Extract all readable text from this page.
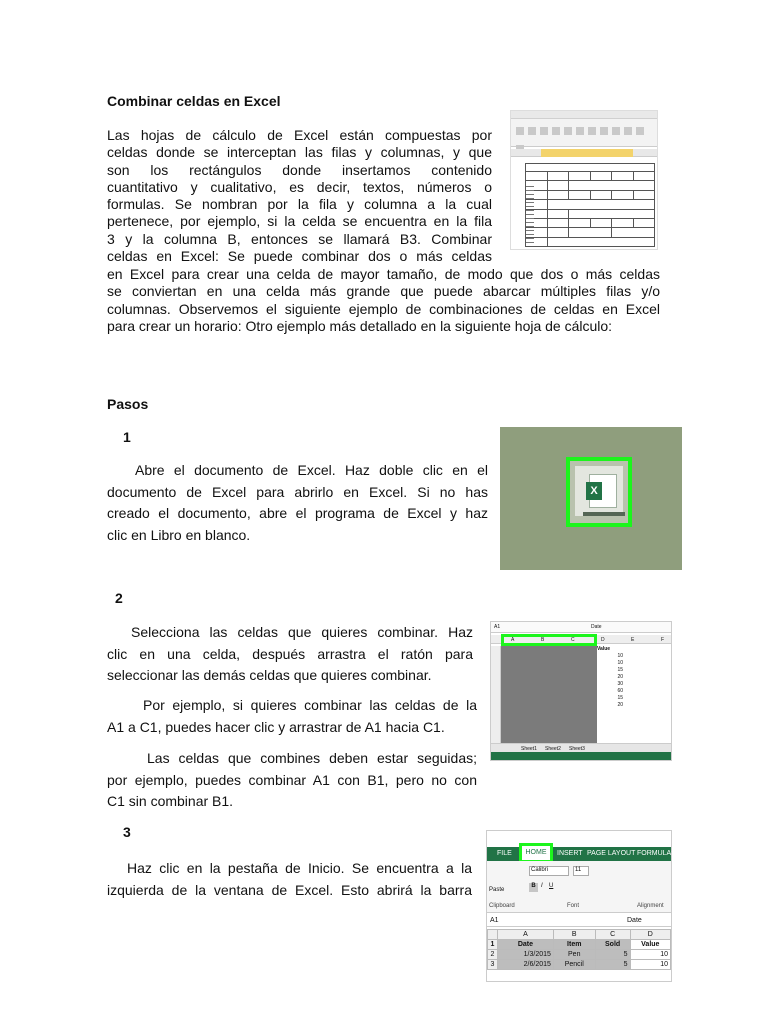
Combinar celdas en Excel
Las hojas de cálculo de Excel están compuestas por
celdas donde se interceptan las filas y columnas, y que
son los rectángulos donde insertamos contenido
cuantitativo y cualitativo, es decir, textos, números o
formulas. Se nombran por la fila y columna a la cual
pertenece, por ejemplo, si la celda se encuentra en la fila
3 y la columna B, entonces se llamará B3. Combinar
celdas en Excel: Se puede combinar dos o más celdas
en Excel para crear una celda de mayor tamaño, de modo que dos o más celdas
se conviertan en una celda más grande que puede abarcar múltiples filas y/o
columnas. Observemos el siguiente ejemplo de combinaciones de celdas en Excel
para crear un horario: Otro ejemplo más detallado en la siguiente hoja de cálculo:

Pasos
1
Abre el documento de Excel. Haz doble clic en el
documento de Excel para abrirlo en Excel. Si no has
creado el documento, abre el programa de Excel y haz
clic en Libro en blanco.
X
2
Selecciona las celdas que quieres combinar. Haz
clic en una celda, después arrastra el ratón para
seleccionar las demás celdas que quieres combinar.
Por ejemplo, si quieres combinar las celdas de la
A1 a C1, puedes hacer clic y arrastrar de A1 hacia C1.
Las celdas que combines deben estar seguidas;
por ejemplo, puedes combinar A1 con B1, pero no con
C1 sin combinar B1.
A1	Date
A	B	C	D	E	F
Value
10
10
15
20
30
60
15
20
Sheet1 Sheet2 Sheet3
3
Haz clic en la pestaña de Inicio. Se encuentra a la
izquierda de la ventana de Excel. Esto abrirá la barra
FILE	INSERT PAGE LAYOUT FORMULAS
HOME
Paste
Calibri	11
B I U
Clipboard	Font	Alignment
A1	Date
	A	B	C	D
1	Date	Item	Sold	Value
2	1/3/2015	Pen	5	10
3	2/6/2015	Pencil	5	10
